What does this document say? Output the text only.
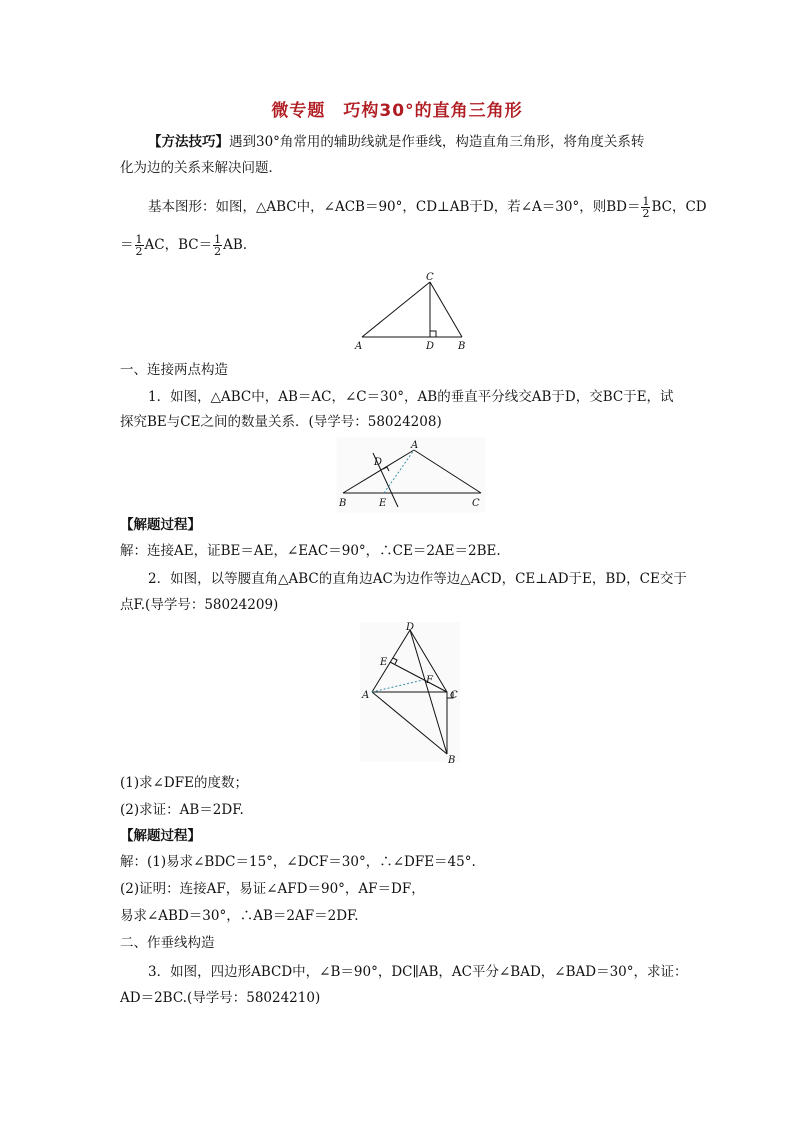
微专题　巧构30°的直角三角形
【方法技巧】遇到30°角常用的辅助线就是作垂线，构造直角三角形，将角度关系转
化为边的关系来解决问题．
基本图形：如图，△ABC中，∠ACB＝90°，CD⊥AB于D，若∠A＝30°，则$BD= \frac{1}{2}$ BC，CD
＝ $\frac{1}{2}$ AC，$BC= \frac{1}{2}$ AB.
A
C
D B
一、连接两点构造
1．如图，△ABC中，AB＝AC，∠C＝30°，AB的垂直平分线交AB于D，交BC于E，试
探究BE与CE之间的数量关系．(导学号：58024208)
A
D
B	E	C
【解题过程】
解：连接AE，证BE＝AE，∠EAC＝90°，∴CE＝2AE＝2BE.
2．如图，以等腰直角△ABC的直角边AC为边作等边△ACD，CE⊥AD于E，BD，CE交于
点F.(导学号：58024209)
D
E
F
A	C
B
(1)求∠DFE的度数；
(2)求证：AB＝2DF.
【解题过程】
解：(1)易求∠BDC＝15°，∠DCF＝30°，∴∠DFE＝45°.
(2)证明：连接AF，易证∠AFD＝90°，AF＝DF，
易求∠ABD＝30°，∴AB＝2AF＝2DF.
二、作垂线构造
3．如图，四边形ABCD中，∠B＝90°，DC∥AB，AC平分∠BAD，∠BAD＝30°，求证：
AD＝2BC.(导学号：58024210)
